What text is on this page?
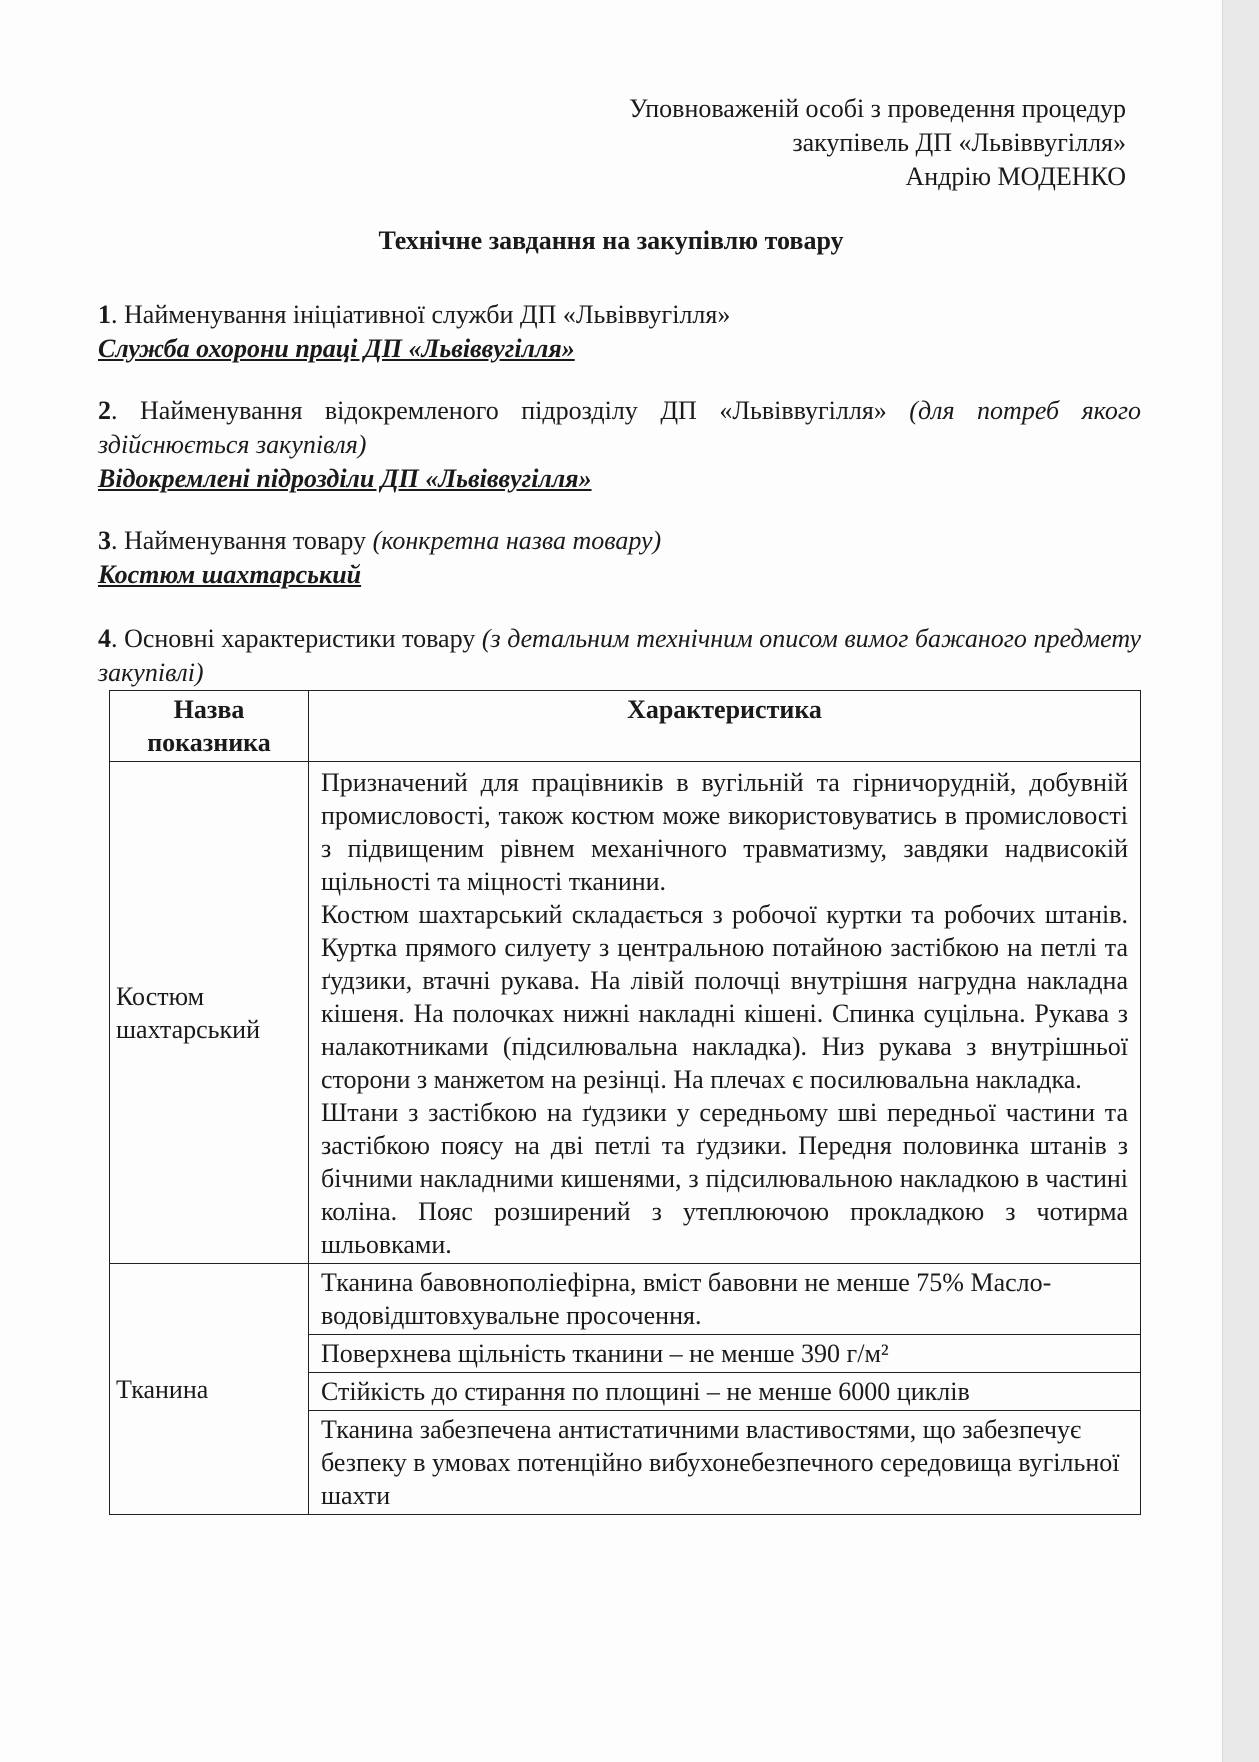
Уповноваженій особі з проведення процедур
закупівель ДП «Львіввугілля»
Андрію МОДЕНКО
Технічне завдання на закупівлю товару
1. Найменування ініціативної служби ДП «Львіввугілля»
Служба охорони праці ДП «Львіввугілля»
2. Найменування відокремленого підрозділу ДП «Львіввугілля» (для потреб якого здійснюється закупівля)
Відокремлені підрозділи ДП «Львіввугілля»
3. Найменування товару (конкретна назва товару)
Костюм шахтарський
4. Основні характеристики товару (з детальним технічним описом вимог бажаного предмету закупівлі)
Назва показника	Характеристика
Костюм шахтарський	Призначений для працівників в вугільній та гірничорудній, добувній промисловості, також костюм може використовуватись в промисловості з підвищеним рівнем механічного травматизму, завдяки надвисокій щільності та міцності тканини.

Костюм шахтарський складається з робочої куртки та робочих штанів. Куртка прямого силуету з центральною потайною застібкою на петлі та ґудзики, втачні рукава. На лівій полочці внутрішня нагрудна накладна кішеня. На полочках нижні накладні кішені. Спинка суцільна. Рукава з налакотниками (підсилювальна накладка). Низ рукава з внутрішньої сторони з манжетом на резінці. На плечах є посилювальна накладка.

Штани з застібкою на ґудзики у середньому шві передньої частини та застібкою поясу на дві петлі та ґудзики. Передня половинка штанів з бічними накладними кишенями, з підсилювальною накладкою в частині коліна. Пояс розширений з утеплюючою прокладкою з чотирма шльовками.

Тканина	Тканина бавовнополіефірна, вміст бавовни не менше 75% Масло-водовідштовхувальне просочення.
	Поверхнева щільність тканини – не менше 390 г/м²
	Стійкість до стирання по площині – не менше 6000 циклів
	Тканина забезпечена антистатичними властивостями, що забезпечує безпеку в умовах потенційно вибухонебезпечного середовища вугільної шахти
